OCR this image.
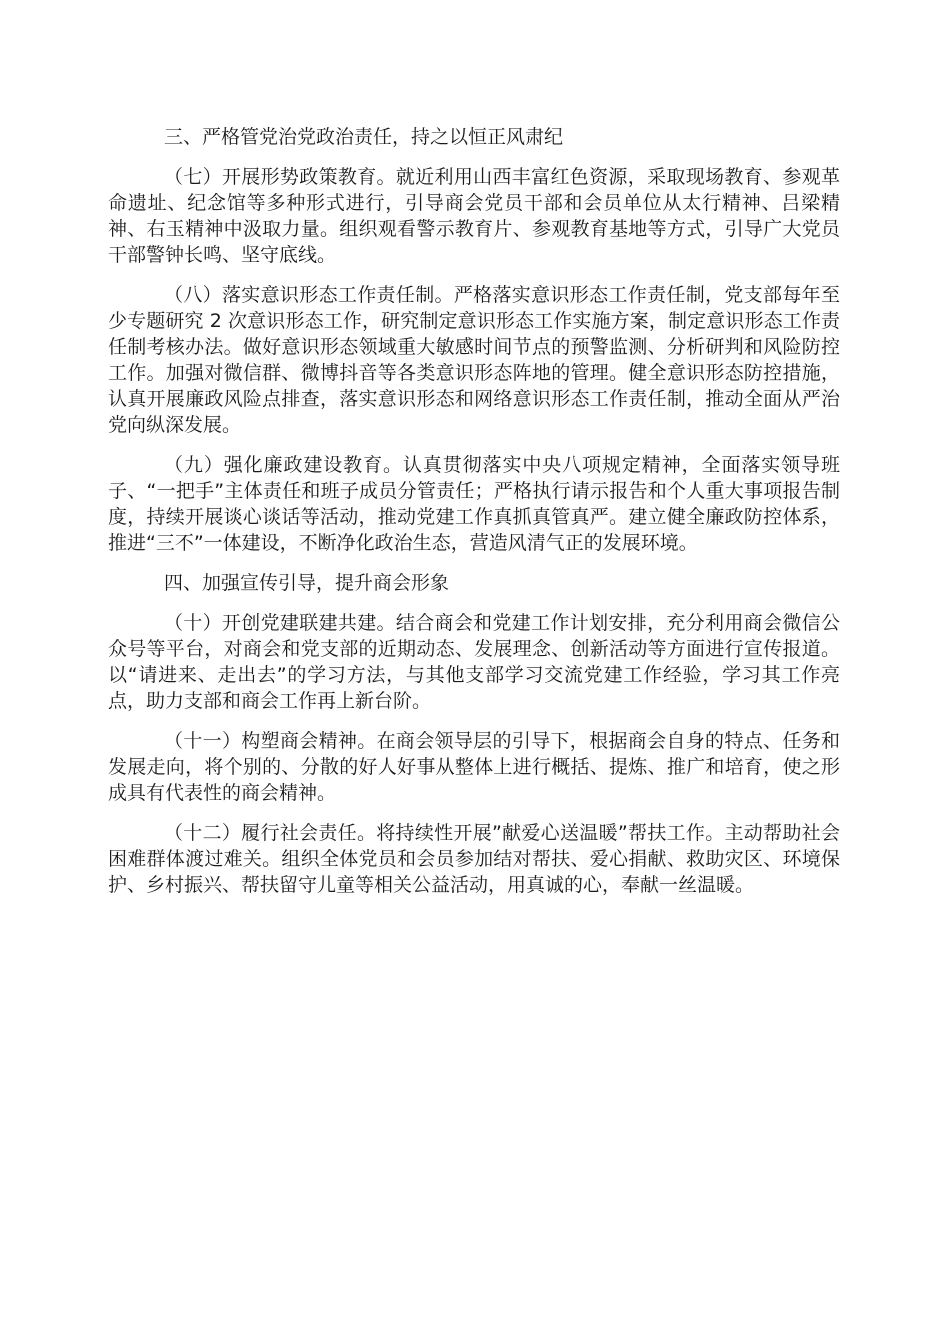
三、严格管党治党政治责任，持之以恒正风肃纪

（七）开展形势政策教育。就近利用山西丰富红色资源，采取现场教育、参观革命遗址、纪念馆等多种形式进行，引导商会党员干部和会员单位从太行精神、吕梁精神、右玉精神中汲取力量。组织观看警示教育片、参观教育基地等方式，引导广大党员干部警钟长鸣、坚守底线。

（八）落实意识形态工作责任制。严格落实意识形态工作责任制，党支部每年至少专题研究 2 次意识形态工作，研究制定意识形态工作实施方案，制定意识形态工作责任制考核办法。做好意识形态领域重大敏感时间节点的预警监测、分析研判和风险防控工作。加强对微信群、微博抖音等各类意识形态阵地的管理。健全意识形态防控措施，认真开展廉政风险点排查，落实意识形态和网络意识形态工作责任制，推动全面从严治党向纵深发展。

（九）强化廉政建设教育。认真贯彻落实中央八项规定精神，全面落实领导班子、“一把手”主体责任和班子成员分管责任；严格执行请示报告和个人重大事项报告制度，持续开展谈心谈话等活动，推动党建工作真抓真管真严。建立健全廉政防控体系，推进“三不”一体建设，不断净化政治生态，营造风清气正的发展环境。

四、加强宣传引导，提升商会形象

（十）开创党建联建共建。结合商会和党建工作计划安排，充分利用商会微信公众号等平台，对商会和党支部的近期动态、发展理念、创新活动等方面进行宣传报道。以“请进来、走出去”的学习方法，与其他支部学习交流党建工作经验，学习其工作亮点，助力支部和商会工作再上新台阶。

（十一）构塑商会精神。在商会领导层的引导下，根据商会自身的特点、任务和发展走向，将个别的、分散的好人好事从整体上进行概括、提炼、推广和培育，使之形成具有代表性的商会精神。

（十二）履行社会责任。将持续性开展”献爱心送温暖”帮扶工作。主动帮助社会困难群体渡过难关。组织全体党员和会员参加结对帮扶、爱心捐献、救助灾区、环境保护、乡村振兴、帮扶留守儿童等相关公益活动，用真诚的心，奉献一丝温暖。
